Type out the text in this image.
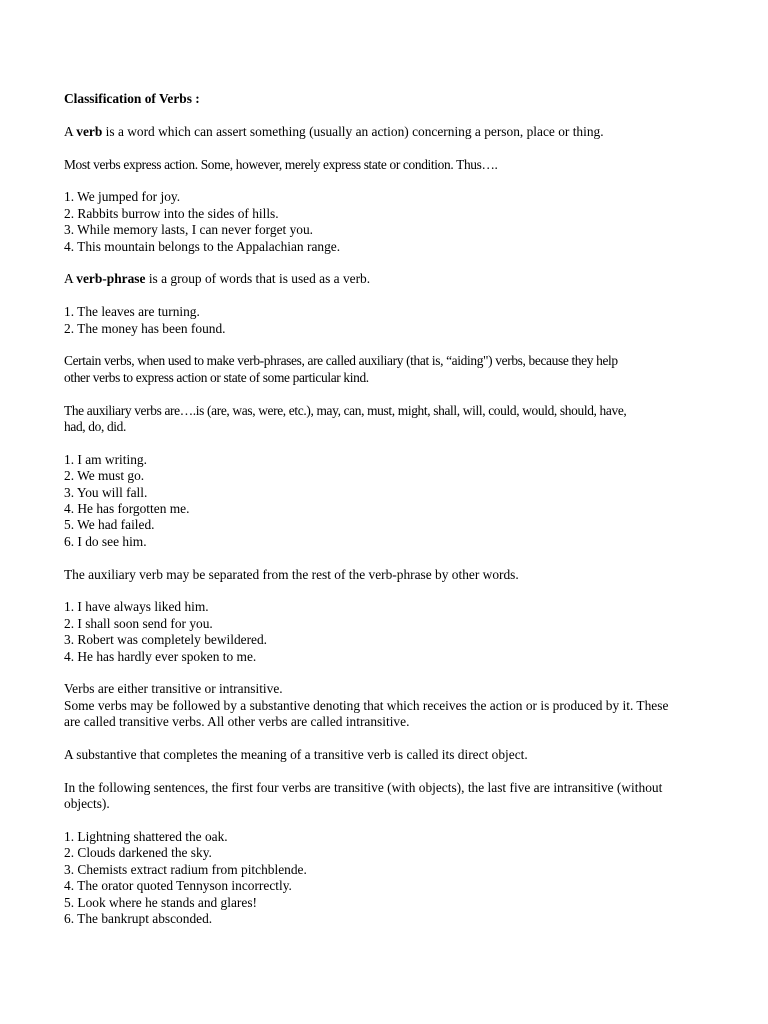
Classification of Verbs :
A verb is a word which can assert something (usually an action) concerning a person, place or thing.
Most verbs express action. Some, however, merely express state or condition. Thus….
1. We jumped for joy.
2. Rabbits burrow into the sides of hills.
3. While memory lasts, I can never forget you.
4. This mountain belongs to the Appalachian range.
A verb-phrase is a group of words that is used as a verb.
1. The leaves are turning.
2. The money has been found.
Certain verbs, when used to make verb-phrases, are called auxiliary (that is, “aiding") verbs, because they help
other verbs to express action or state of some particular kind.
The auxiliary verbs are….is (are, was, were, etc.), may, can, must, might, shall, will, could, would, should, have,
had, do, did.
1. I am writing.
2. We must go.
3. You will fall.
4. He has forgotten me.
5. We had failed.
6. I do see him.
The auxiliary verb may be separated from the rest of the verb-phrase by other words.
1. I have always liked him.
2. I shall soon send for you.
3. Robert was completely bewildered.
4. He has hardly ever spoken to me.
Verbs are either transitive or intransitive.
Some verbs may be followed by a substantive denoting that which receives the action or is produced by it. These
are called transitive verbs. All other verbs are called intransitive.
A substantive that completes the meaning of a transitive verb is called its direct object.
In the following sentences, the first four verbs are transitive (with objects), the last five are intransitive (without
objects).
1. Lightning shattered the oak.
2. Clouds darkened the sky.
3. Chemists extract radium from pitchblende.
4. The orator quoted Tennyson incorrectly.
5. Look where he stands and glares!
6. The bankrupt absconded.
